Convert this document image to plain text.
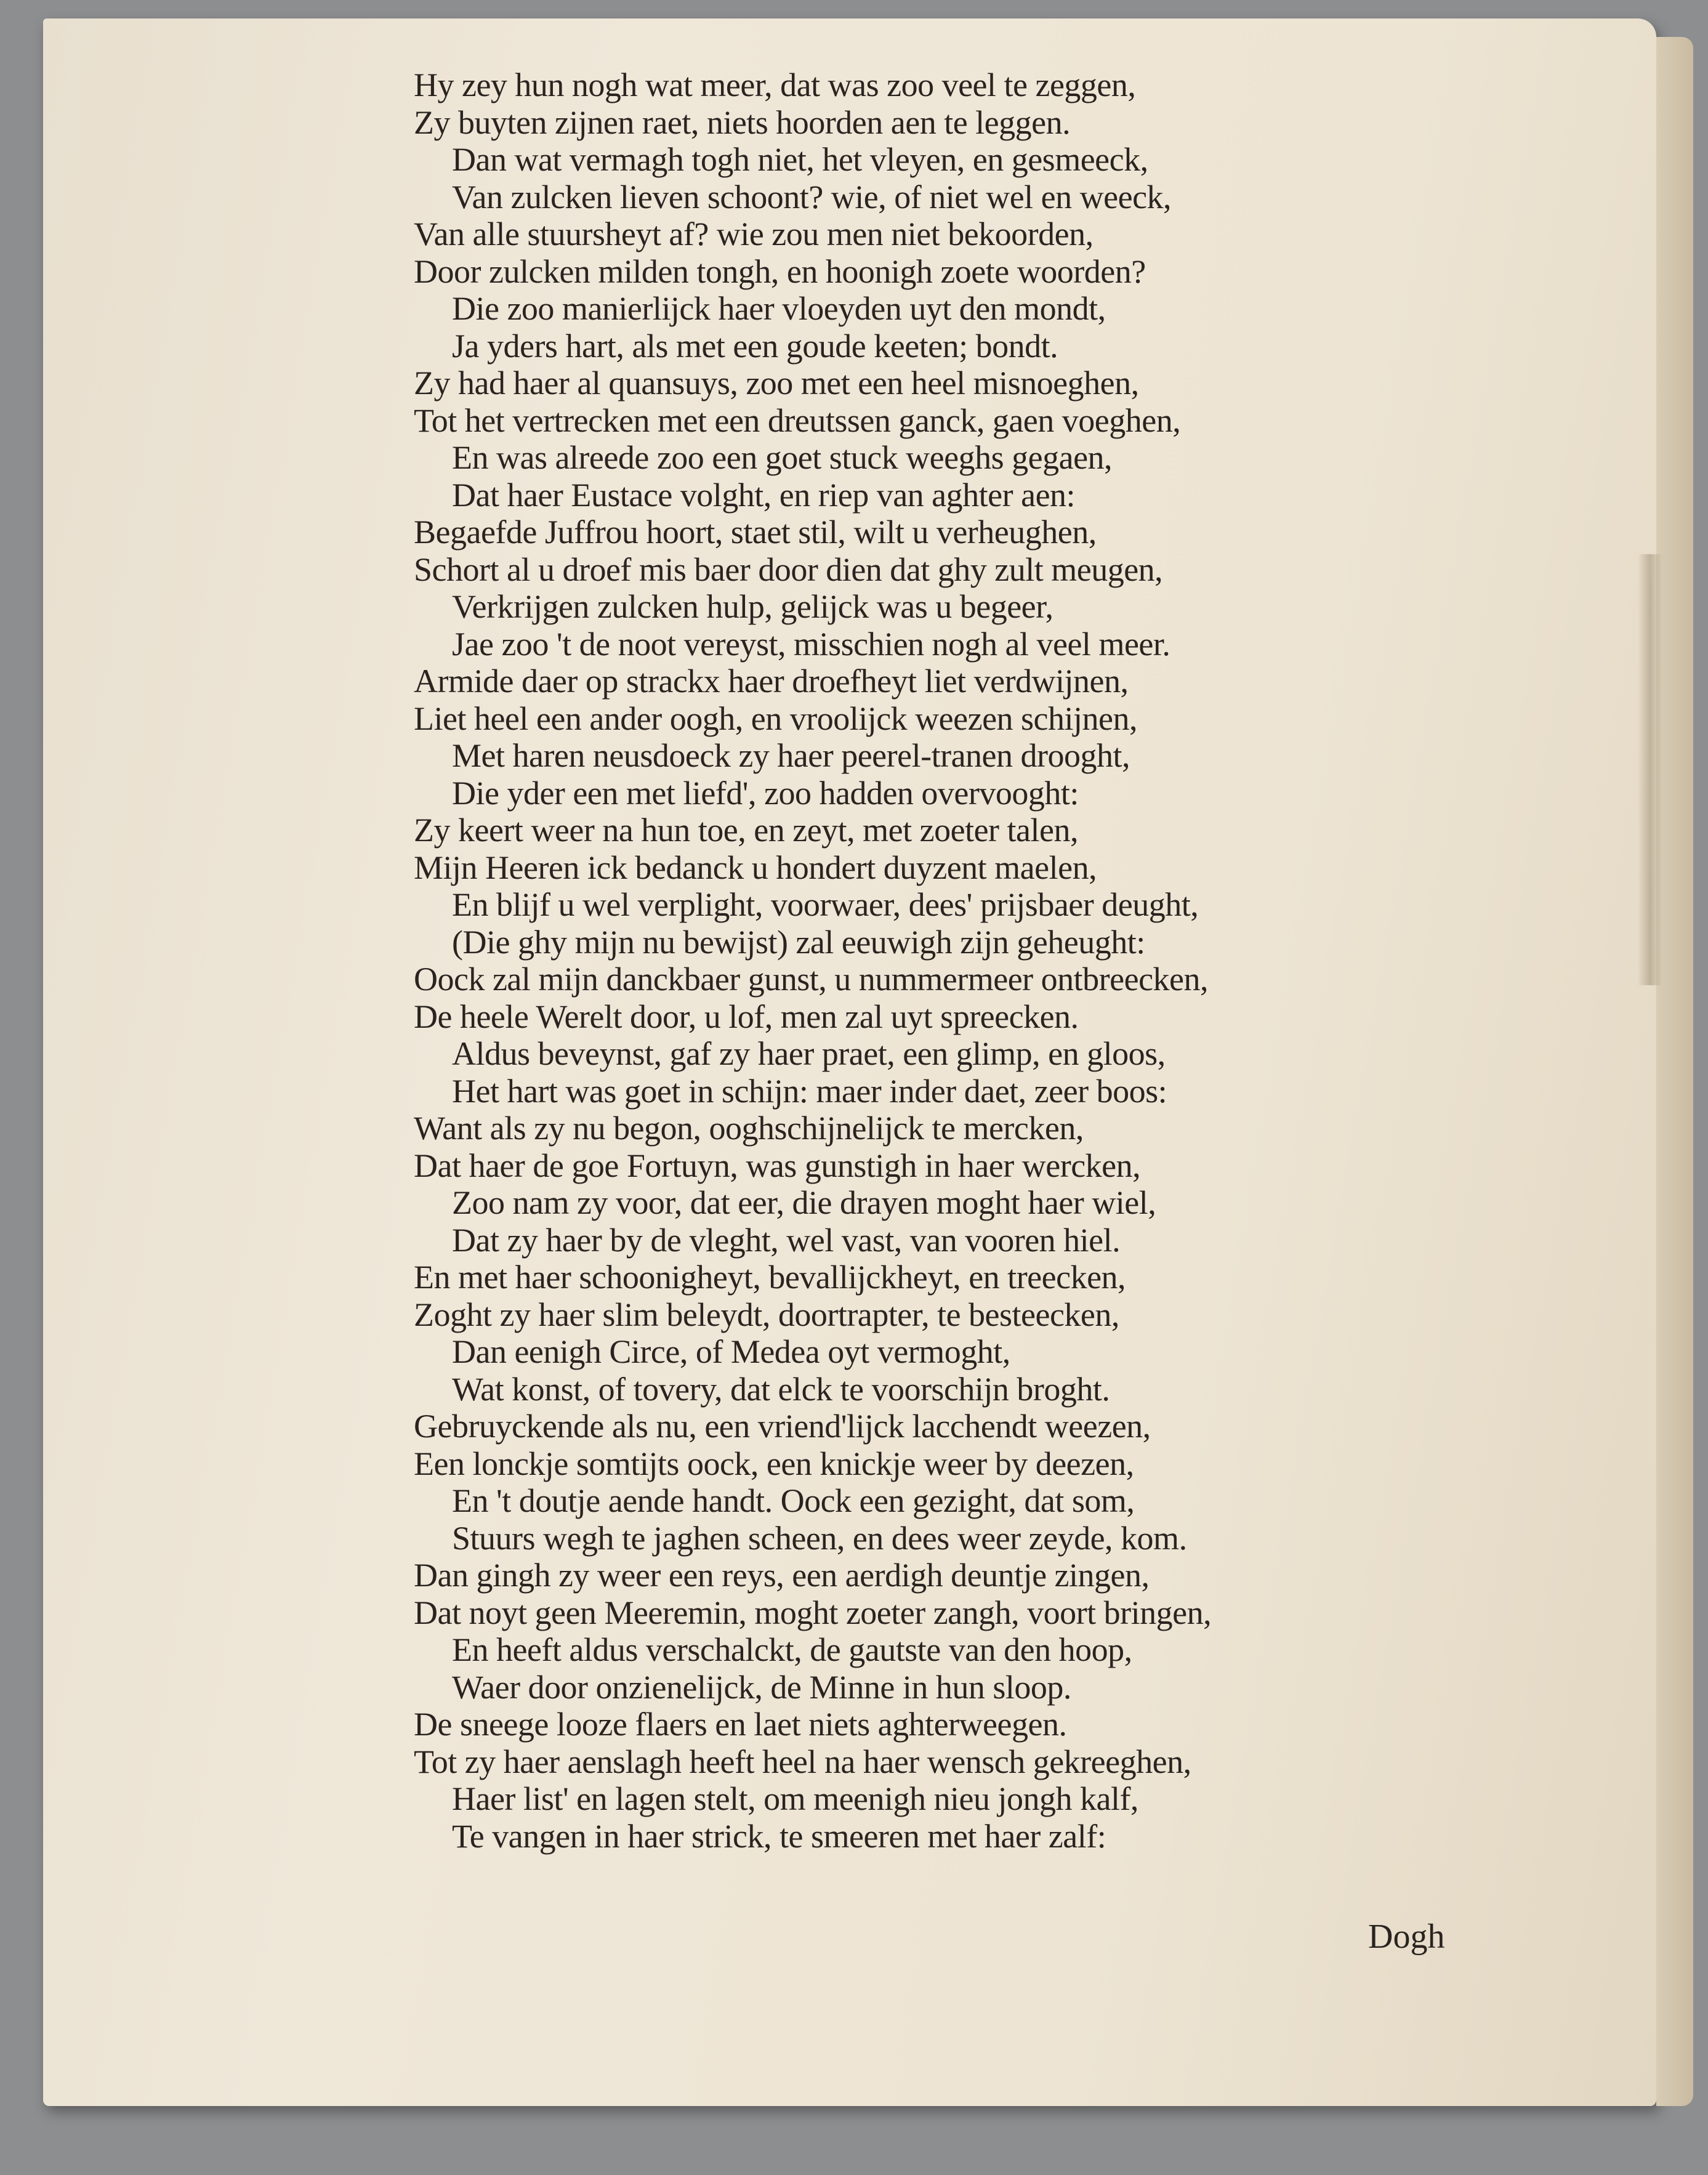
Hy zey hun nogh wat meer, dat was zoo veel te zeggen,
Zy buyten zijnen raet, niets hoorden aen te leggen.
Dan wat vermagh togh niet, het vleyen, en gesmeeck,
Van zulcken lieven schoont? wie, of niet wel en weeck,
Van alle stuursheyt af? wie zou men niet bekoorden,
Door zulcken milden tongh, en hoonigh zoete woorden?
Die zoo manierlijck haer vloeyden uyt den mondt,
Ja yders hart, als met een goude keeten; bondt.
Zy had haer al quansuys, zoo met een heel misnoeghen,
Tot het vertrecken met een dreutssen ganck, gaen voeghen,
En was alreede zoo een goet stuck weeghs gegaen,
Dat haer Eustace volght, en riep van aghter aen:
Begaefde Juffrou hoort, staet stil, wilt u verheughen,
Schort al u droef mis baer door dien dat ghy zult meugen,
Verkrijgen zulcken hulp, gelijck was u begeer,
Jae zoo 't de noot vereyst, misschien nogh al veel meer.
Armide daer op strackx haer droefheyt liet verdwijnen,
Liet heel een ander oogh, en vroolijck weezen schijnen,
Met haren neusdoeck zy haer peerel-tranen drooght,
Die yder een met liefd', zoo hadden overvooght:
Zy keert weer na hun toe, en zeyt, met zoeter talen,
Mijn Heeren ick bedanck u hondert duyzent maelen,
En blijf u wel verplight, voorwaer, dees' prijsbaer deught,
(Die ghy mijn nu bewijst) zal eeuwigh zijn geheught:
Oock zal mijn danckbaer gunst, u nummermeer ontbreecken,
De heele Werelt door, u lof, men zal uyt spreecken.
Aldus beveynst, gaf zy haer praet, een glimp, en gloos,
Het hart was goet in schijn: maer inder daet, zeer boos:
Want als zy nu begon, ooghschijnelijck te mercken,
Dat haer de goe Fortuyn, was gunstigh in haer wercken,
Zoo nam zy voor, dat eer, die drayen moght haer wiel,
Dat zy haer by de vleght, wel vast, van vooren hiel.
En met haer schoonigheyt, bevallijckheyt, en treecken,
Zoght zy haer slim beleydt, doortrapter, te besteecken,
Dan eenigh Circe, of Medea oyt vermoght,
Wat konst, of tovery, dat elck te voorschijn broght.
Gebruyckende als nu, een vriend'lijck lacchendt weezen,
Een lonckje somtijts oock, een knickje weer by deezen,
En 't doutje aende handt. Oock een gezight, dat som,
Stuurs wegh te jaghen scheen, en dees weer zeyde, kom.
Dan gingh zy weer een reys, een aerdigh deuntje zingen,
Dat noyt geen Meeremin, moght zoeter zangh, voort bringen,
En heeft aldus verschalckt, de gautste van den hoop,
Waer door onzienelijck, de Minne in hun sloop.
De sneege looze flaers en laet niets aghterweegen.
Tot zy haer aenslagh heeft heel na haer wensch gekreeghen,
Haer list' en lagen stelt, om meenigh nieu jongh kalf,
Te vangen in haer strick, te smeeren met haer zalf:
Dogh
